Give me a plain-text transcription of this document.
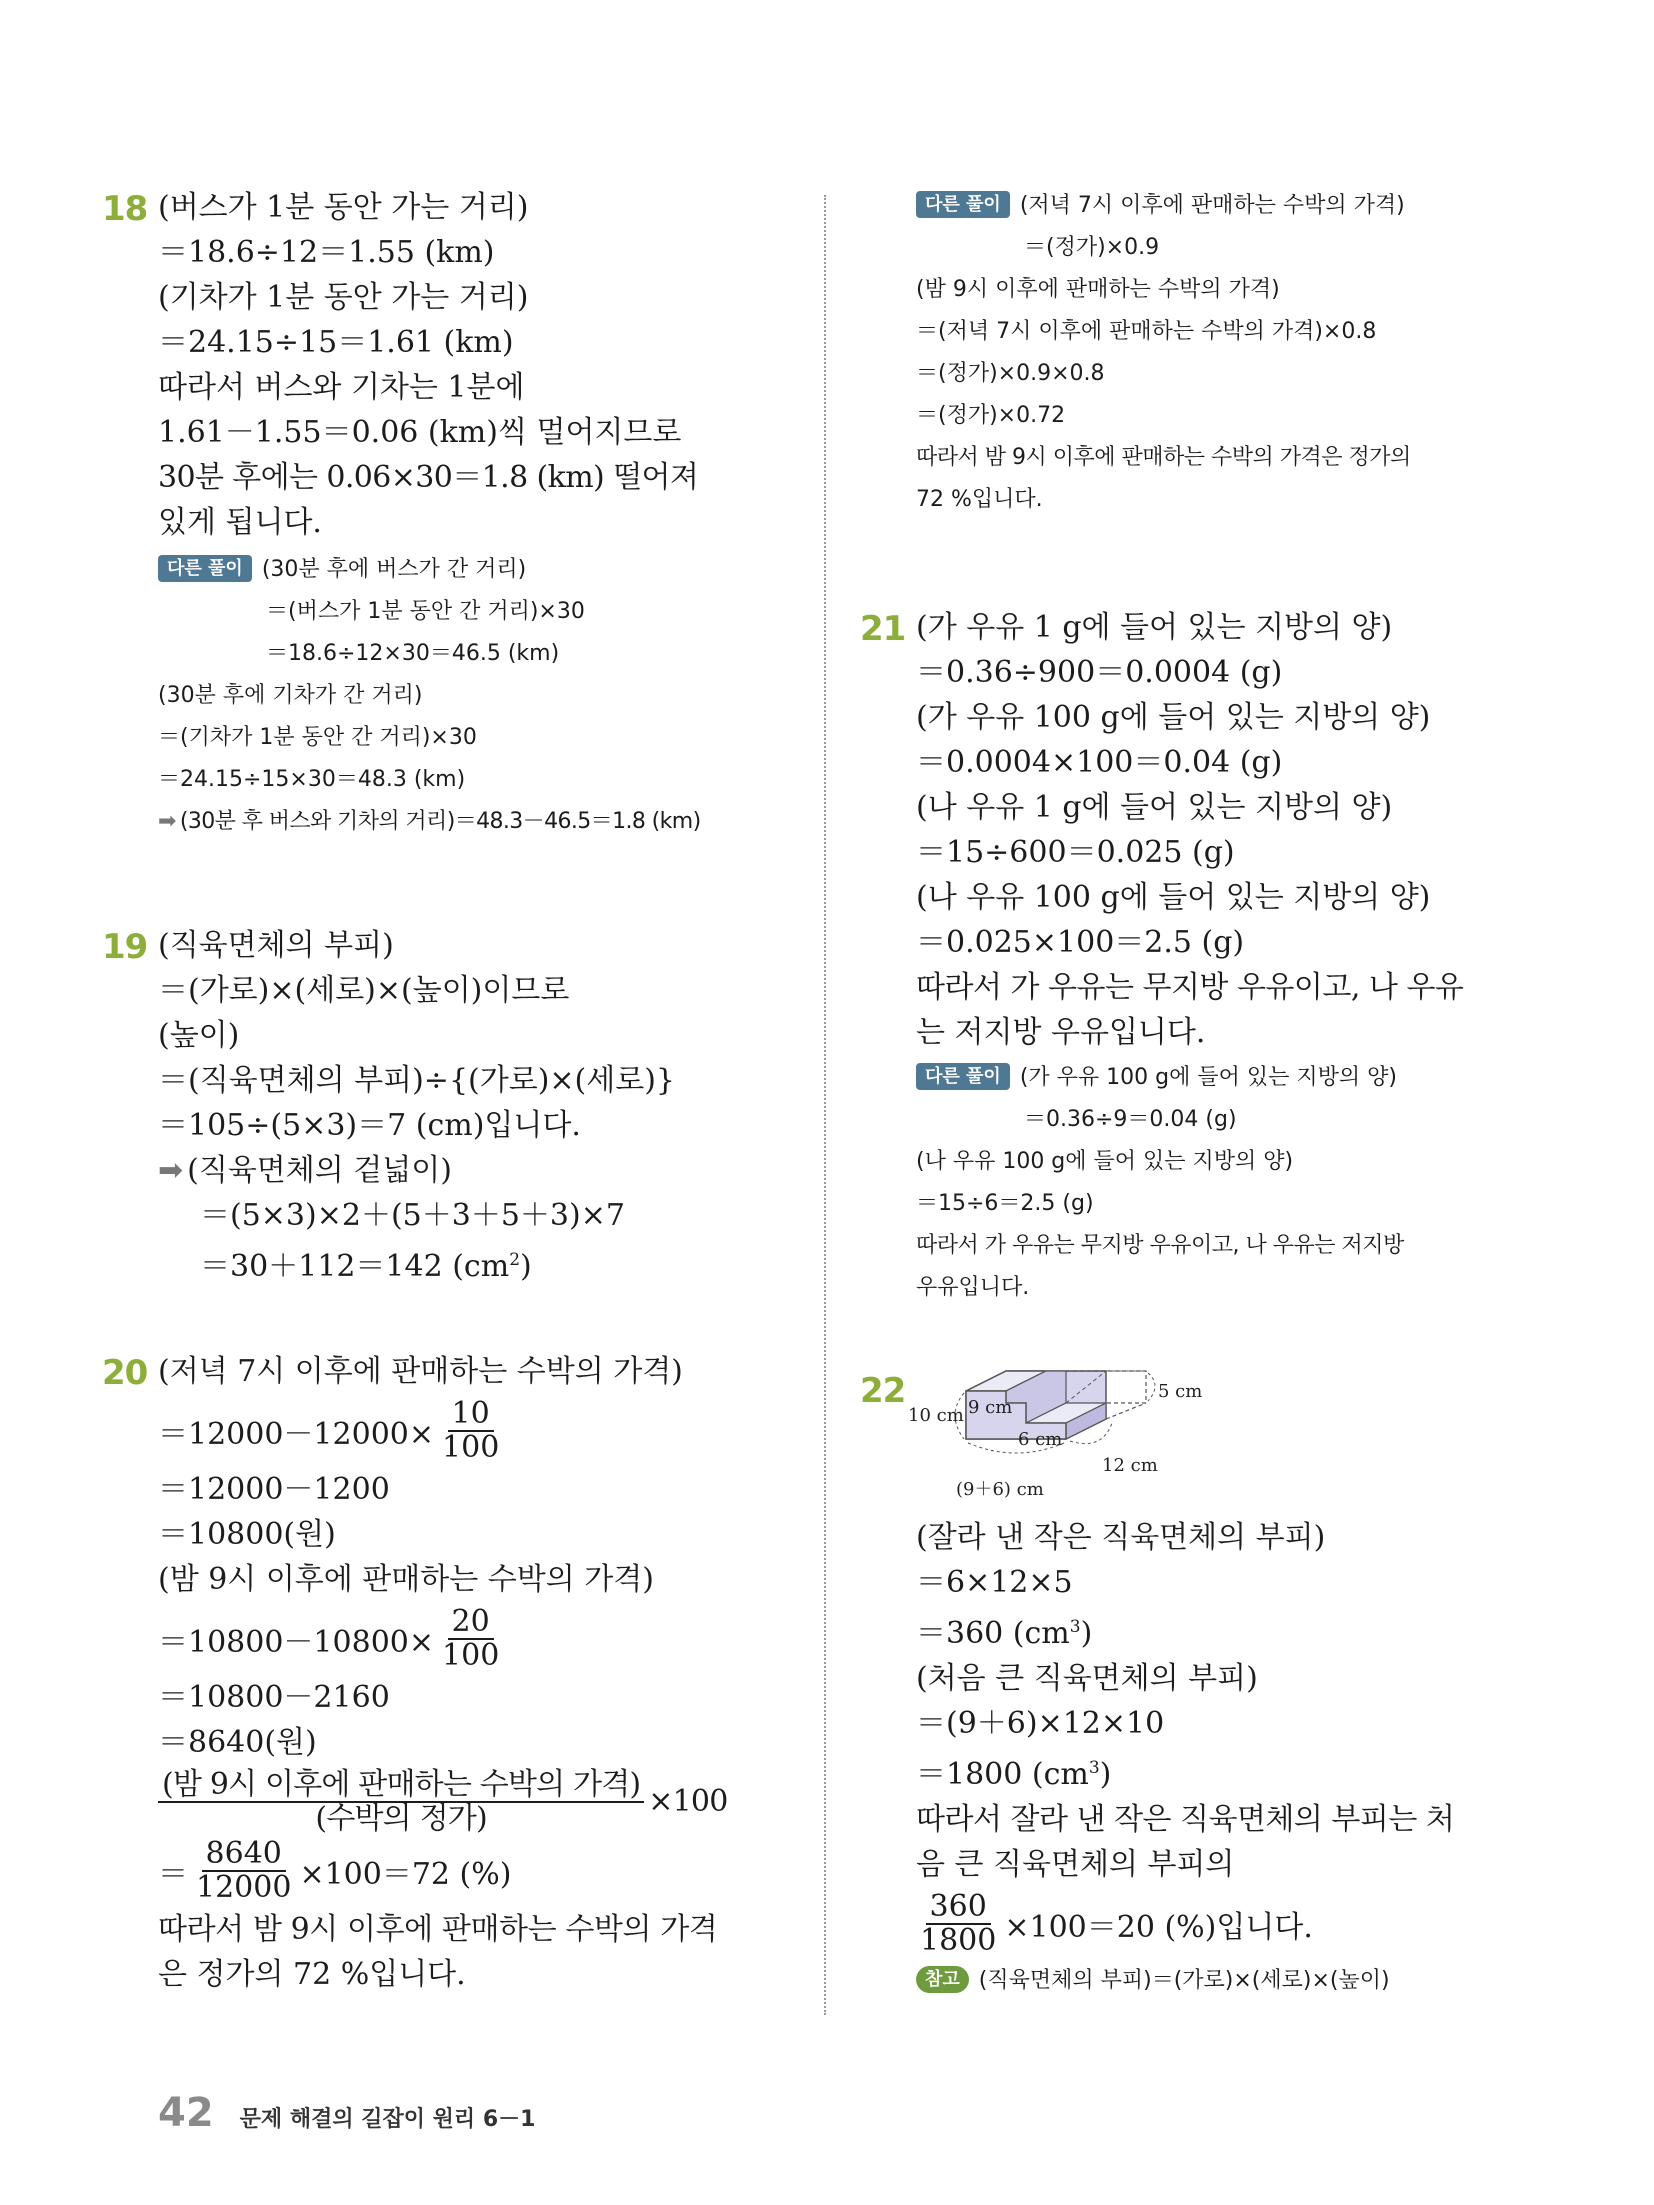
18 (버스가 1분 동안 가는 거리)
＝18.6÷12＝1.55 (km)
(기차가 1분 동안 가는 거리)
＝24.15÷15＝1.61 (km)
따라서 버스와 기차는 1분에
1.61－1.55＝0.06 (km)씩 멀어지므로
30분 후에는 0.06×30＝1.8 (km) 떨어져
있게 됩니다.
다른 풀이 (30분 후에 버스가 간 거리)
＝(버스가 1분 동안 간 거리)×30
＝18.6÷12×30＝46.5 (km)
(30분 후에 기차가 간 거리)
＝(기차가 1분 동안 간 거리)×30
＝24.15÷15×30＝48.3 (km)
➡ (30분 후 버스와 기차의 거리)＝48.3－46.5＝1.8 (km)
19 (직육면체의 부피)
＝(가로)×(세로)×(높이)이므로
(높이)
＝(직육면체의 부피)÷{(가로)×(세로)}
＝105÷(5×3)＝7 (cm)입니다.
➡ (직육면체의 겉넓이)
＝(5×3)×2＋(5＋3＋5＋3)×7
＝30＋112＝142 $(cm^2)$
20 (저녁 7시 이후에 판매하는 수박의 가격)
$=12000-12000\times \frac{10}{100}$
＝12000－1200
＝10800(원)
(밤 9시 이후에 판매하는 수박의 가격)
$=10800-10800\times \frac{20}{100}$
＝10800－2160
＝8640(원)
$\frac{\text{(밤 9시 이후에 판매하는 수박의 가격)}}{\text{(수박의 정가)}} \times 100$
＝ $\frac{8640}{12000} \times 100=72$ (%)
따라서 밤 9시 이후에 판매하는 수박의 가격
은 정가의 72 %입니다.
다른 풀이 (저녁 7시 이후에 판매하는 수박의 가격)
＝(정가)×0.9
(밤 9시 이후에 판매하는 수박의 가격)
＝(저녁 7시 이후에 판매하는 수박의 가격)×0.8
＝(정가)×0.9×0.8
＝(정가)×0.72
따라서 밤 9시 이후에 판매하는 수박의 가격은 정가의
72 %입니다.
21 (가 우유 1 g에 들어 있는 지방의 양)
＝0.36÷900＝0.0004 (g)
(가 우유 100 g에 들어 있는 지방의 양)
＝0.0004×100＝0.04 (g)
(나 우유 1 g에 들어 있는 지방의 양)
＝15÷600＝0.025 (g)
(나 우유 100 g에 들어 있는 지방의 양)
＝0.025×100＝2.5 (g)
따라서 가 우유는 무지방 우유이고, 나 우유
는 저지방 우유입니다.
다른 풀이 (가 우유 100 g에 들어 있는 지방의 양)
＝0.36÷9＝0.04 (g)
(나 우유 100 g에 들어 있는 지방의 양)
＝15÷6＝2.5 (g)
따라서 가 우유는 무지방 우유이고, 나 우유는 저지방
우유입니다.
22
10 cm 9 cm
6 cm
5 cm
12 cm
(9＋6) cm
(잘라 낸 작은 직육면체의 부피)
＝6×12×5
＝360 $(cm^3)$
(처음 큰 직육면체의 부피)
＝(9＋6)×12×10
＝1800 $(cm^3)$
따라서 잘라 낸 작은 직육면체의 부피는 처
음 큰 직육면체의 부피의
$\frac{360}{1800} \times 100=20$ (%)입니다.
참고 (직육면체의 부피)＝(가로)×(세로)×(높이)
42 문제 해결의 길잡이 원리 6－1
